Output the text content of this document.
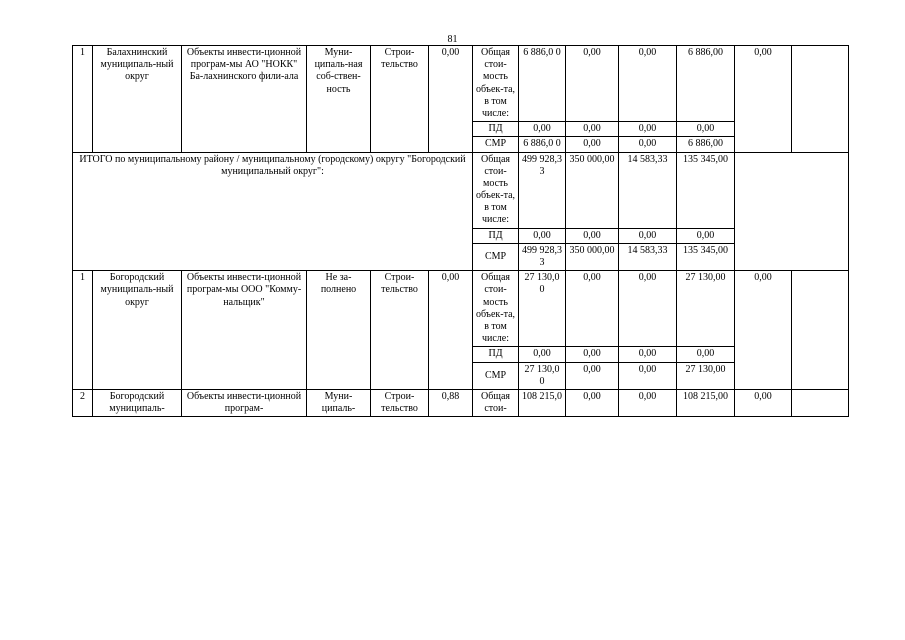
81
1	Балахнинский муниципаль-ный округ	Объекты инвести-ционной програм-мы АО "НОКК" Ба-лахнинского фили-ала	Муни-ципаль-ная соб-ствен-ность	Строи-тельство	0,00	Общая стои-мость объек-та, в том числе:	6 886,0 0	0,00	0,00	6 886,00	0,00	
						ПД	0,00	0,00	0,00	0,00		
						СМР	6 886,0 0	0,00	0,00	6 886,00		
ИТОГО по муниципальному району / муниципальному (городскому) округу "Богородский муниципальный округ":						Общая стои-мость объек-та, в том числе:	499 928,3 3	350 000,00	14 583,33	135 345,00		
						ПД	0,00	0,00	0,00	0,00		
						СМР	499 928,3 3	350 000,00	14 583,33	135 345,00		
1	Богородский муниципаль-ный округ	Объекты инвести-ционной програм-мы ООО "Комму-нальщик"	Не за-полнено	Строи-тельство	0,00	Общая стои-мость объек-та, в том числе:	27 130,0 0	0,00	0,00	27 130,00	0,00	
						ПД	0,00	0,00	0,00	0,00		
						СМР	27 130,0 0	0,00	0,00	27 130,00		
2	Богородский муниципаль-	Объекты инвести-ционной програм-	Муни-ципаль-	Строи-тельство	0,88	Общая стои-	108 215,0	0,00	0,00	108 215,00	0,00	
